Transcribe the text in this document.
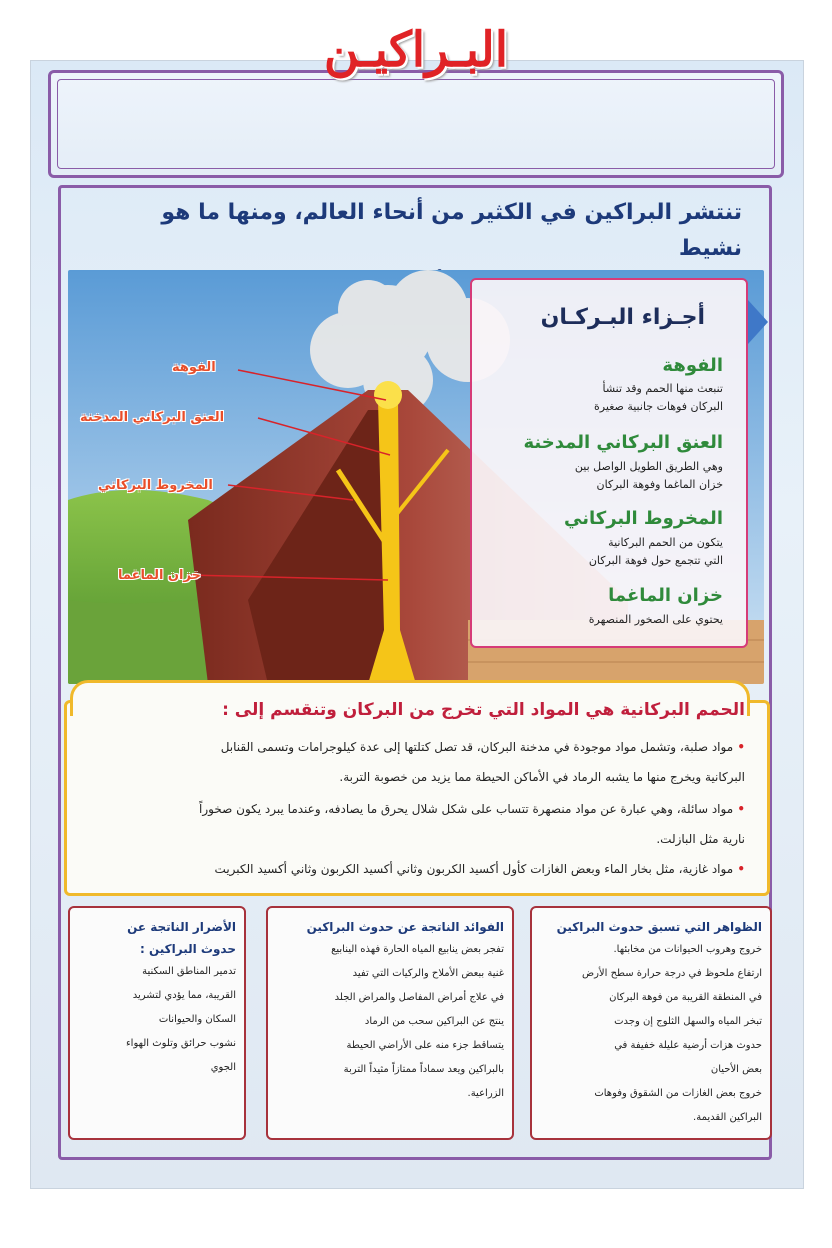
البـراكيـن
تنتشر البراكين في الكثير من أنحاء العالم، ومنها ما هو نشيط
الفوهة
العنق البركاني المدخنة
المخروط البركاني
خزان الماغما
أجـزاء البـركـان
الفوهة
تنبعث منها الحمم وقد تنشأ
البركان فوهات جانبية صغيرة
العنق البركاني المدخنة
وهي الطريق الطويل الواصل بين
خزان الماغما وفوهة البركان
المخروط البركاني
يتكون من الحمم البركانية
التي تتجمع حول فوهة البركان
خزان الماغما
يحتوي على الصخور المنصهرة
الحمم البركانية هي المواد التي تخرج من البركان وتنقسم إلى :
• مواد صلبة، وتشمل مواد موجودة في مدخنة البركان، قد تصل كتلتها إلى عدة كيلوجرامات وتسمى القنابل
البركانية ويخرج منها ما يشبه الرماد في الأماكن الحيطة مما يزيد من خصوبة التربة.
• مواد سائلة، وهي عبارة عن مواد منصهرة تتساب على شكل شلال يحرق ما يصادفه، وعندما يبرد يكون صخوراً
نارية مثل البازلت.
• مواد غازية، مثل بخار الماء وبعض الغازات كأول أكسيد الكربون وثاني أكسيد الكربون وثاني أكسيد الكبريت
الظواهر التي تسبق حدوث البراكين
خروج وهروب الحيوانات من مخابئها.
ارتفاع ملحوظ في درجة حرارة سطح الأرض
في المنطقة القريبة من فوهة البركان
تبخر المياه والسهل الثلوج إن وجدت
حدوث هزات أرضية عليلة خفيفة في
بعض الأحيان
خروج بعض الغازات من الشقوق وفوهات
البراكين القديمة.
الفوائد الناتجة عن حدوث البراكين
تفجر بعض ينابيع المياه الحارة فهذه الينابيع
غنية ببعض الأملاح والركيات التي تفيد
في علاج أمراض المفاصل والمراض الجلد
ينتج عن البراكين سحب من الرماد
يتساقط جزء منه على الأراضي الحيطة
بالبراكين ويعد سماداً ممتازاً مثيداً التربة
الزراعية.
الأضرار الناتجة عن
حدوث البراكين :
تدمير المناطق السكنية
القريبة، مما يؤدي لتشريد
السكان والحيوانات
نشوب حرائق وتلوث الهواء
الجوي
